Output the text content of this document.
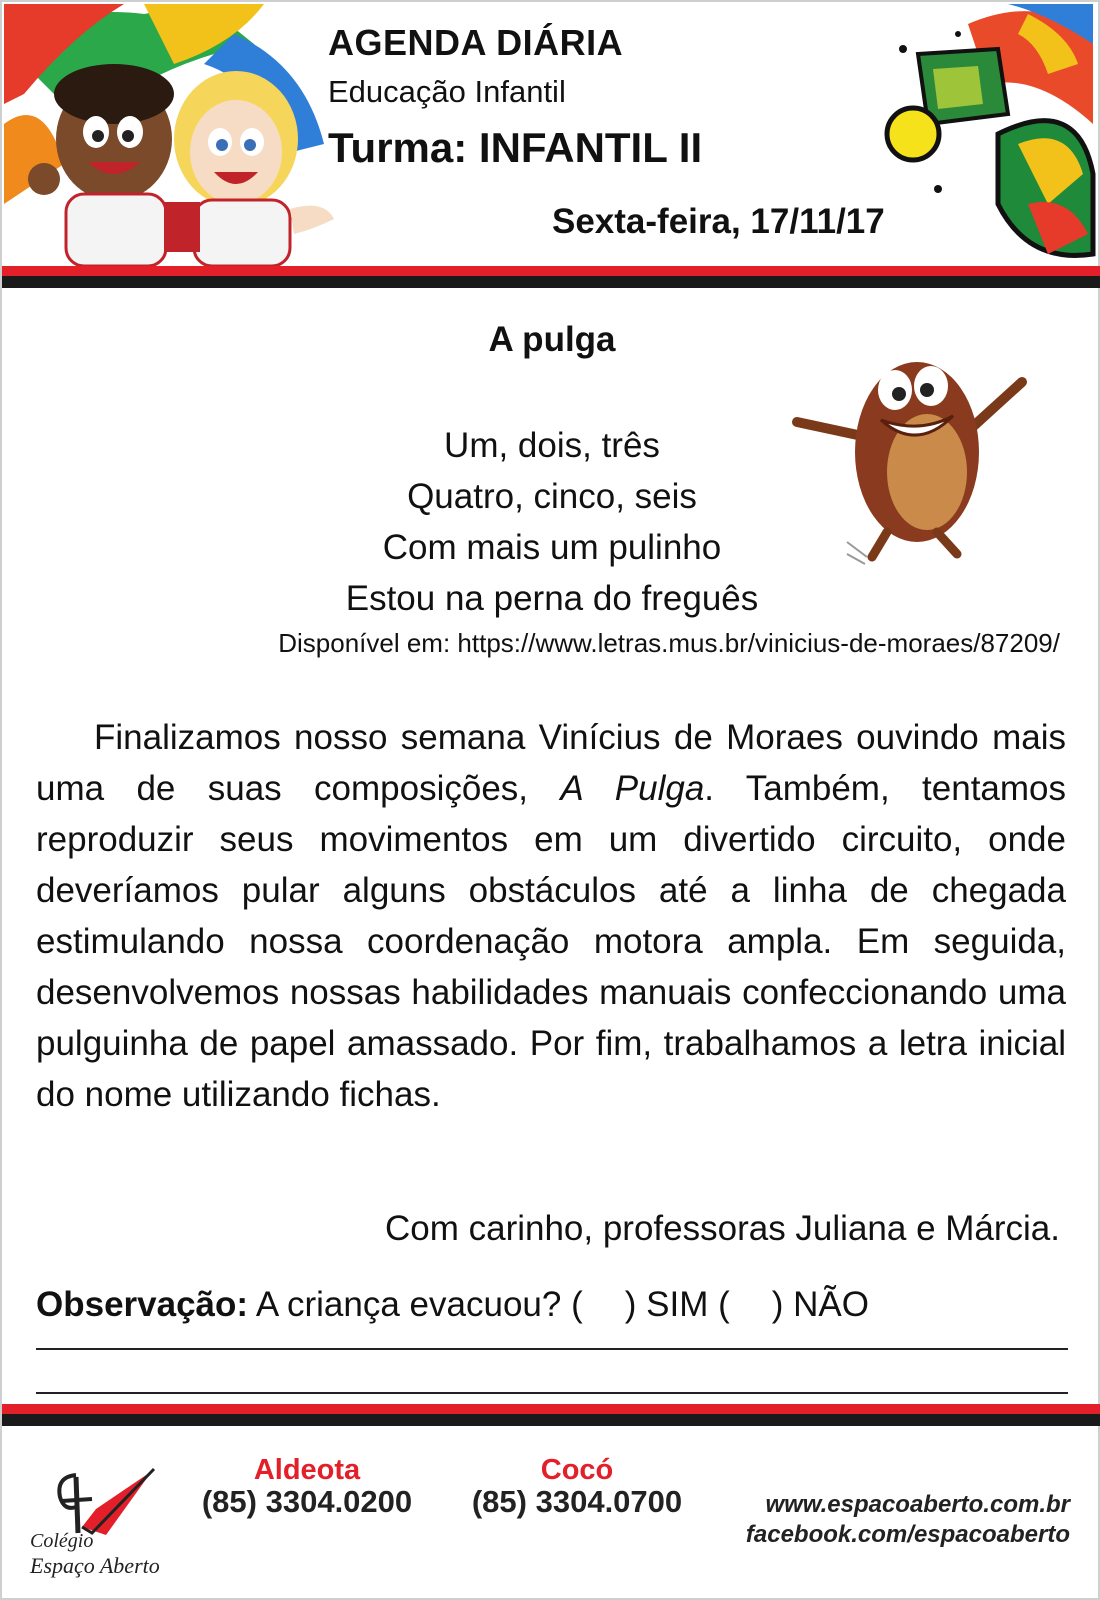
AGENDA DIÁRIA
Educação Infantil
Turma: INFANTIL II
Sexta-feira, 17/11/17
A pulga
Um, dois, três
Quatro, cinco, seis
Com mais um pulinho
Estou na perna do freguês
Disponível em: https://www.letras.mus.br/vinicius-de-moraes/87209/
Finalizamos nosso semana Vinícius de Moraes ouvindo mais uma de suas composições, A Pulga. Também, tentamos reproduzir seus movimentos em um divertido circuito, onde deveríamos pular alguns obstáculos até a linha de chegada estimulando nossa coordenação motora ampla. Em seguida, desenvolvemos nossas habilidades manuais confeccionando uma pulguinha de papel amassado. Por fim, trabalhamos a letra inicial do nome utilizando fichas.
Com carinho, professoras Juliana e Márcia.
Observação: A criança evacuou? ( ) SIM ( ) NÃO
Colégio
Espaço Aberto
Aldeota
(85) 3304.0200
Cocó
(85) 3304.0700	www.espacoaberto.com.br
facebook.com/espacoaberto
